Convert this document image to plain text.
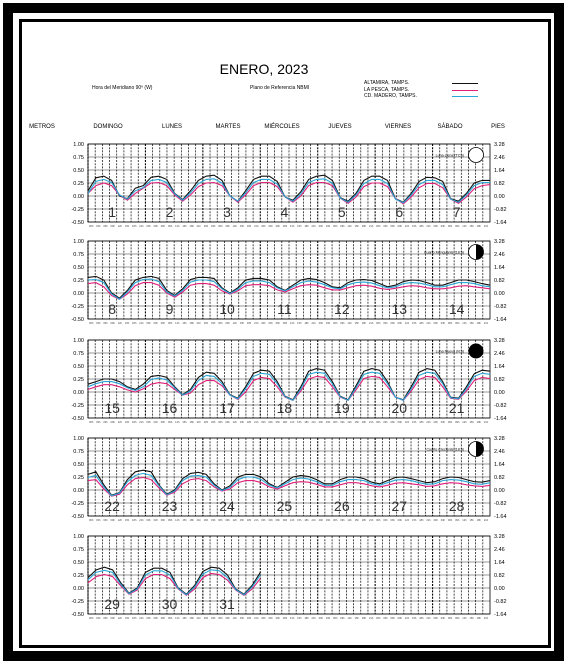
ENERO, 2023
Hora del Meridiano 90º (W)	Plano de Referencia NBMI
ALTAMIRA, TAMPS.
LA PESCA, TAMPS.
CD. MADERO, TAMPS.
METROS	DOMINGO	LUNES	MARTES	MIÉRCOLES	JUEVES	VIERNES	SÁBADO	PIES
1.00	3.28
0.75	2.46
0.50	1.64
0.25	0.82
0.00	0.00
-0.25	-0.82
-0.50	-1.64
00h 03h 06h 09h 12h 15h 18h 21h 00h 03h 06h 09h 12h 15h 18h 21h 00h 03h 06h 09h 12h 15h 18h 21h 00h 03h 06h 09h 12h 15h 18h 21h 00h 03h 06h 09h 12h 15h 18h 21h 00h 03h 06h 09h 12h 15h 18h 21h 00h 03h 06h 09h 12h 15h 18h 21h
1	2	3	4	5	6	7
Luna Llena (TCS)
1.00	3.28
0.75	2.46
0.50	1.64
0.25	0.82
0.00	0.00
-0.25	-0.82
-0.50	-1.64
00h 03h 06h 09h 12h 15h 18h 21h 00h 03h 06h 09h 12h 15h 18h 21h 00h 03h 06h 09h 12h 15h 18h 21h 00h 03h 06h 09h 12h 15h 18h 21h 00h 03h 06h 09h 12h 15h 18h 21h 00h 03h 06h 09h 12h 15h 18h 21h 00h 03h 06h 09h 12h 15h 18h 21h
8	9	10	11	12	13	14
Cuarto Menguante (18:5)
1.00	3.28
0.75	2.46
0.50	1.64
0.25	0.82
0.00	0.00
-0.25	-0.82
-0.50	-1.64
00h 03h 06h 09h 12h 15h 18h 21h 00h 03h 06h 09h 12h 15h 18h 21h 00h 03h 06h 09h 12h 15h 18h 21h 00h 03h 06h 09h 12h 15h 18h 21h 00h 03h 06h 09h 12h 15h 18h 21h 00h 03h 06h 09h 12h 15h 18h 21h 00h 03h 06h 09h 12h 15h 18h 21h
15	16	17	18	19	20	21
Luna Nueva (N:5)
1.00	3.28
0.75	2.46
0.50	1.64
0.25	0.82
0.00	0.00
-0.25	-0.82
-0.50	-1.64
00h 03h 06h 09h 12h 15h 18h 21h 00h 03h 06h 09h 12h 15h 18h 21h 00h 03h 06h 09h 12h 15h 18h 21h 00h 03h 06h 09h 12h 15h 18h 21h 00h 03h 06h 09h 12h 15h 18h 21h 00h 03h 06h 09h 12h 15h 18h 21h 00h 03h 06h 09h 12h 15h 18h 21h
22	23	24	25	26	27	28
Cuarto Creciente (18:5)
1.00	3.28
0.75	2.46
0.50	1.64
0.25	0.82
0.00	0.00
-0.25	-0.82
-0.50	-1.64
00h 03h 06h 09h 12h 15h 18h 21h 00h 03h 06h 09h 12h 15h 18h 21h 00h 03h 06h 09h 12h 15h 18h 21h 00h 03h 06h 09h 12h 15h 18h 21h 00h 03h 06h 09h 12h 15h 18h 21h 00h 03h 06h 09h 12h 15h 18h 21h 00h 03h 06h 09h 12h 15h 18h 21h
29	30	31
